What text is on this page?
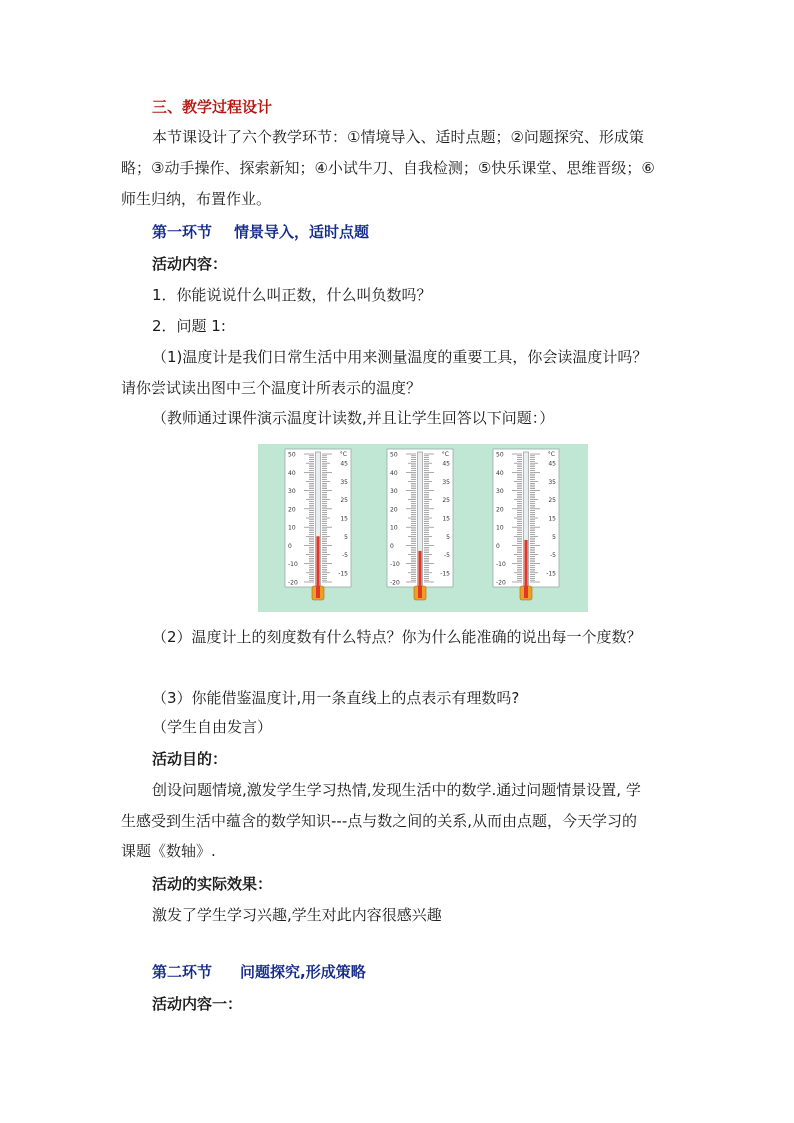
三、教学过程设计
本节课设计了六个教学环节：①情境导入、适时点题；②问题探究、形成策
略；③动手操作、探索新知；④小试牛刀、自我检测；⑤快乐课堂、思维晋级；⑥
师生归纳，布置作业。
第一环节 情景导入，适时点题
活动内容：
1．你能说说什么叫正数，什么叫负数吗？
2．问题 1:
（1)温度计是我们日常生活中用来测量温度的重要工具，你会读温度计吗？
请你尝试读出图中三个温度计所表示的温度？
（教师通过课件演示温度计读数,并且让学生回答以下问题：）
50
40
30
20
10
0
-10
-20
45
35
25
15
5
-5
-15
°C	50
40
30
20
10
0
-10
-20
45
35
25
15
5
-5
-15
°C	50
40
30
20
10
0
-10
-20
45
35
25
15
5
-5
-15
°C
（2）温度计上的刻度数有什么特点？你为什么能准确的说出每一个度数？
（3）你能借鉴温度计,用一条直线上的点表示有理数吗?
（学生自由发言）
活动目的：
创设问题情境,激发学生学习热情,发现生活中的数学.通过问题情景设置, 学
生感受到生活中蕴含的数学知识---点与数之间的关系,从而由点题，今天学习的
课题《数轴》.
活动的实际效果：
激发了学生学习兴趣,学生对此内容很感兴趣
第二环节 问题探究,形成策略
活动内容一：
